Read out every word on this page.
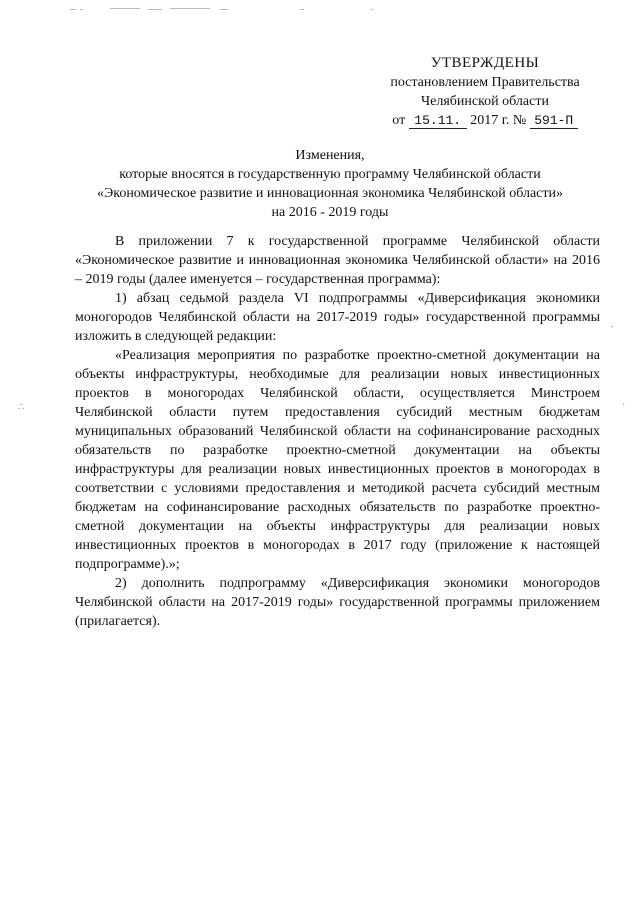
УТВЕРЖДЕНЫ
постановлением Правительства
Челябинской области
от 15.11. 2017 г. № 591-П
Изменения,
которые вносятся в государственную программу Челябинской области
«Экономическое развитие и инновационная экономика Челябинской области»
на 2016 - 2019 годы

В приложении 7 к государственной программе Челябинской области «Экономическое развитие и инновационная экономика Челябинской области» на 2016 – 2019 годы (далее именуется – государственная программа):

1) абзац седьмой раздела VI подпрограммы «Диверсификация экономики моногородов Челябинской области на 2017-2019 годы» государственной программы изложить в следующей редакции:

«Реализация мероприятия по разработке проектно-сметной документации на объекты инфраструктуры, необходимые для реализации новых инвестиционных проектов в моногородах Челябинской области, осуществляется Минстроем Челябинской области путем предоставления субсидий местным бюджетам муниципальных образований Челябинской области на софинансирование расходных обязательств по разработке проектно-сметной документации на объекты инфраструктуры для реализации новых инвестиционных проектов в моногородах в соответствии с условиями предоставления и методикой расчета субсидий местным бюджетам на софинансирование расходных обязательств по разработке проектно-сметной документации на объекты инфраструктуры для реализации новых инвестиционных проектов в моногородах в 2017 году (приложение к настоящей подпрограмме).»;

2) дополнить подпрограмму «Диверсификация экономики моногородов Челябинской области на 2017-2019 годы» государственной программы приложением (прилагается).

∴
·
·
